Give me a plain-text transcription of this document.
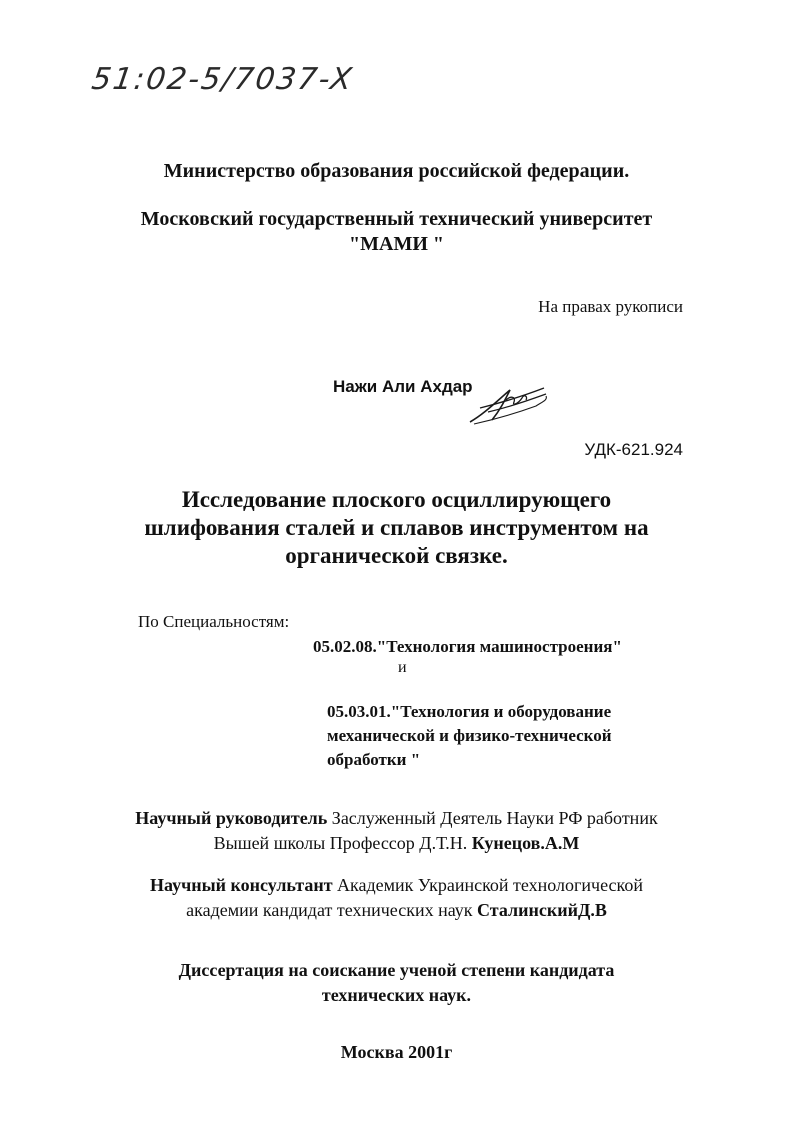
51:02-5/7037-X
Министерство образования российской федерации.
Московский государственный технический университет
"МАМИ "
На правах рукописи
Нажи Али Ахдар
УДК-621.924
Исследование плоского осциллирующего
шлифования сталей и сплавов инструментом на
органической связке.
По Специальностям:
05.02.08."Технология машиностроения"
и
05.03.01."Технология и оборудование
механической и физико-технической
обработки "
Научный руководитель Заслуженный Деятель Науки РФ работник
Вышей школы Профессор Д.Т.Н. Кунецов.А.М
Научный консультант Академик Украинской технологической
академии кандидат технических наук СталинскийД.В
Диссертация на соискание ученой степени кандидата
технических наук.
Москва 2001г
